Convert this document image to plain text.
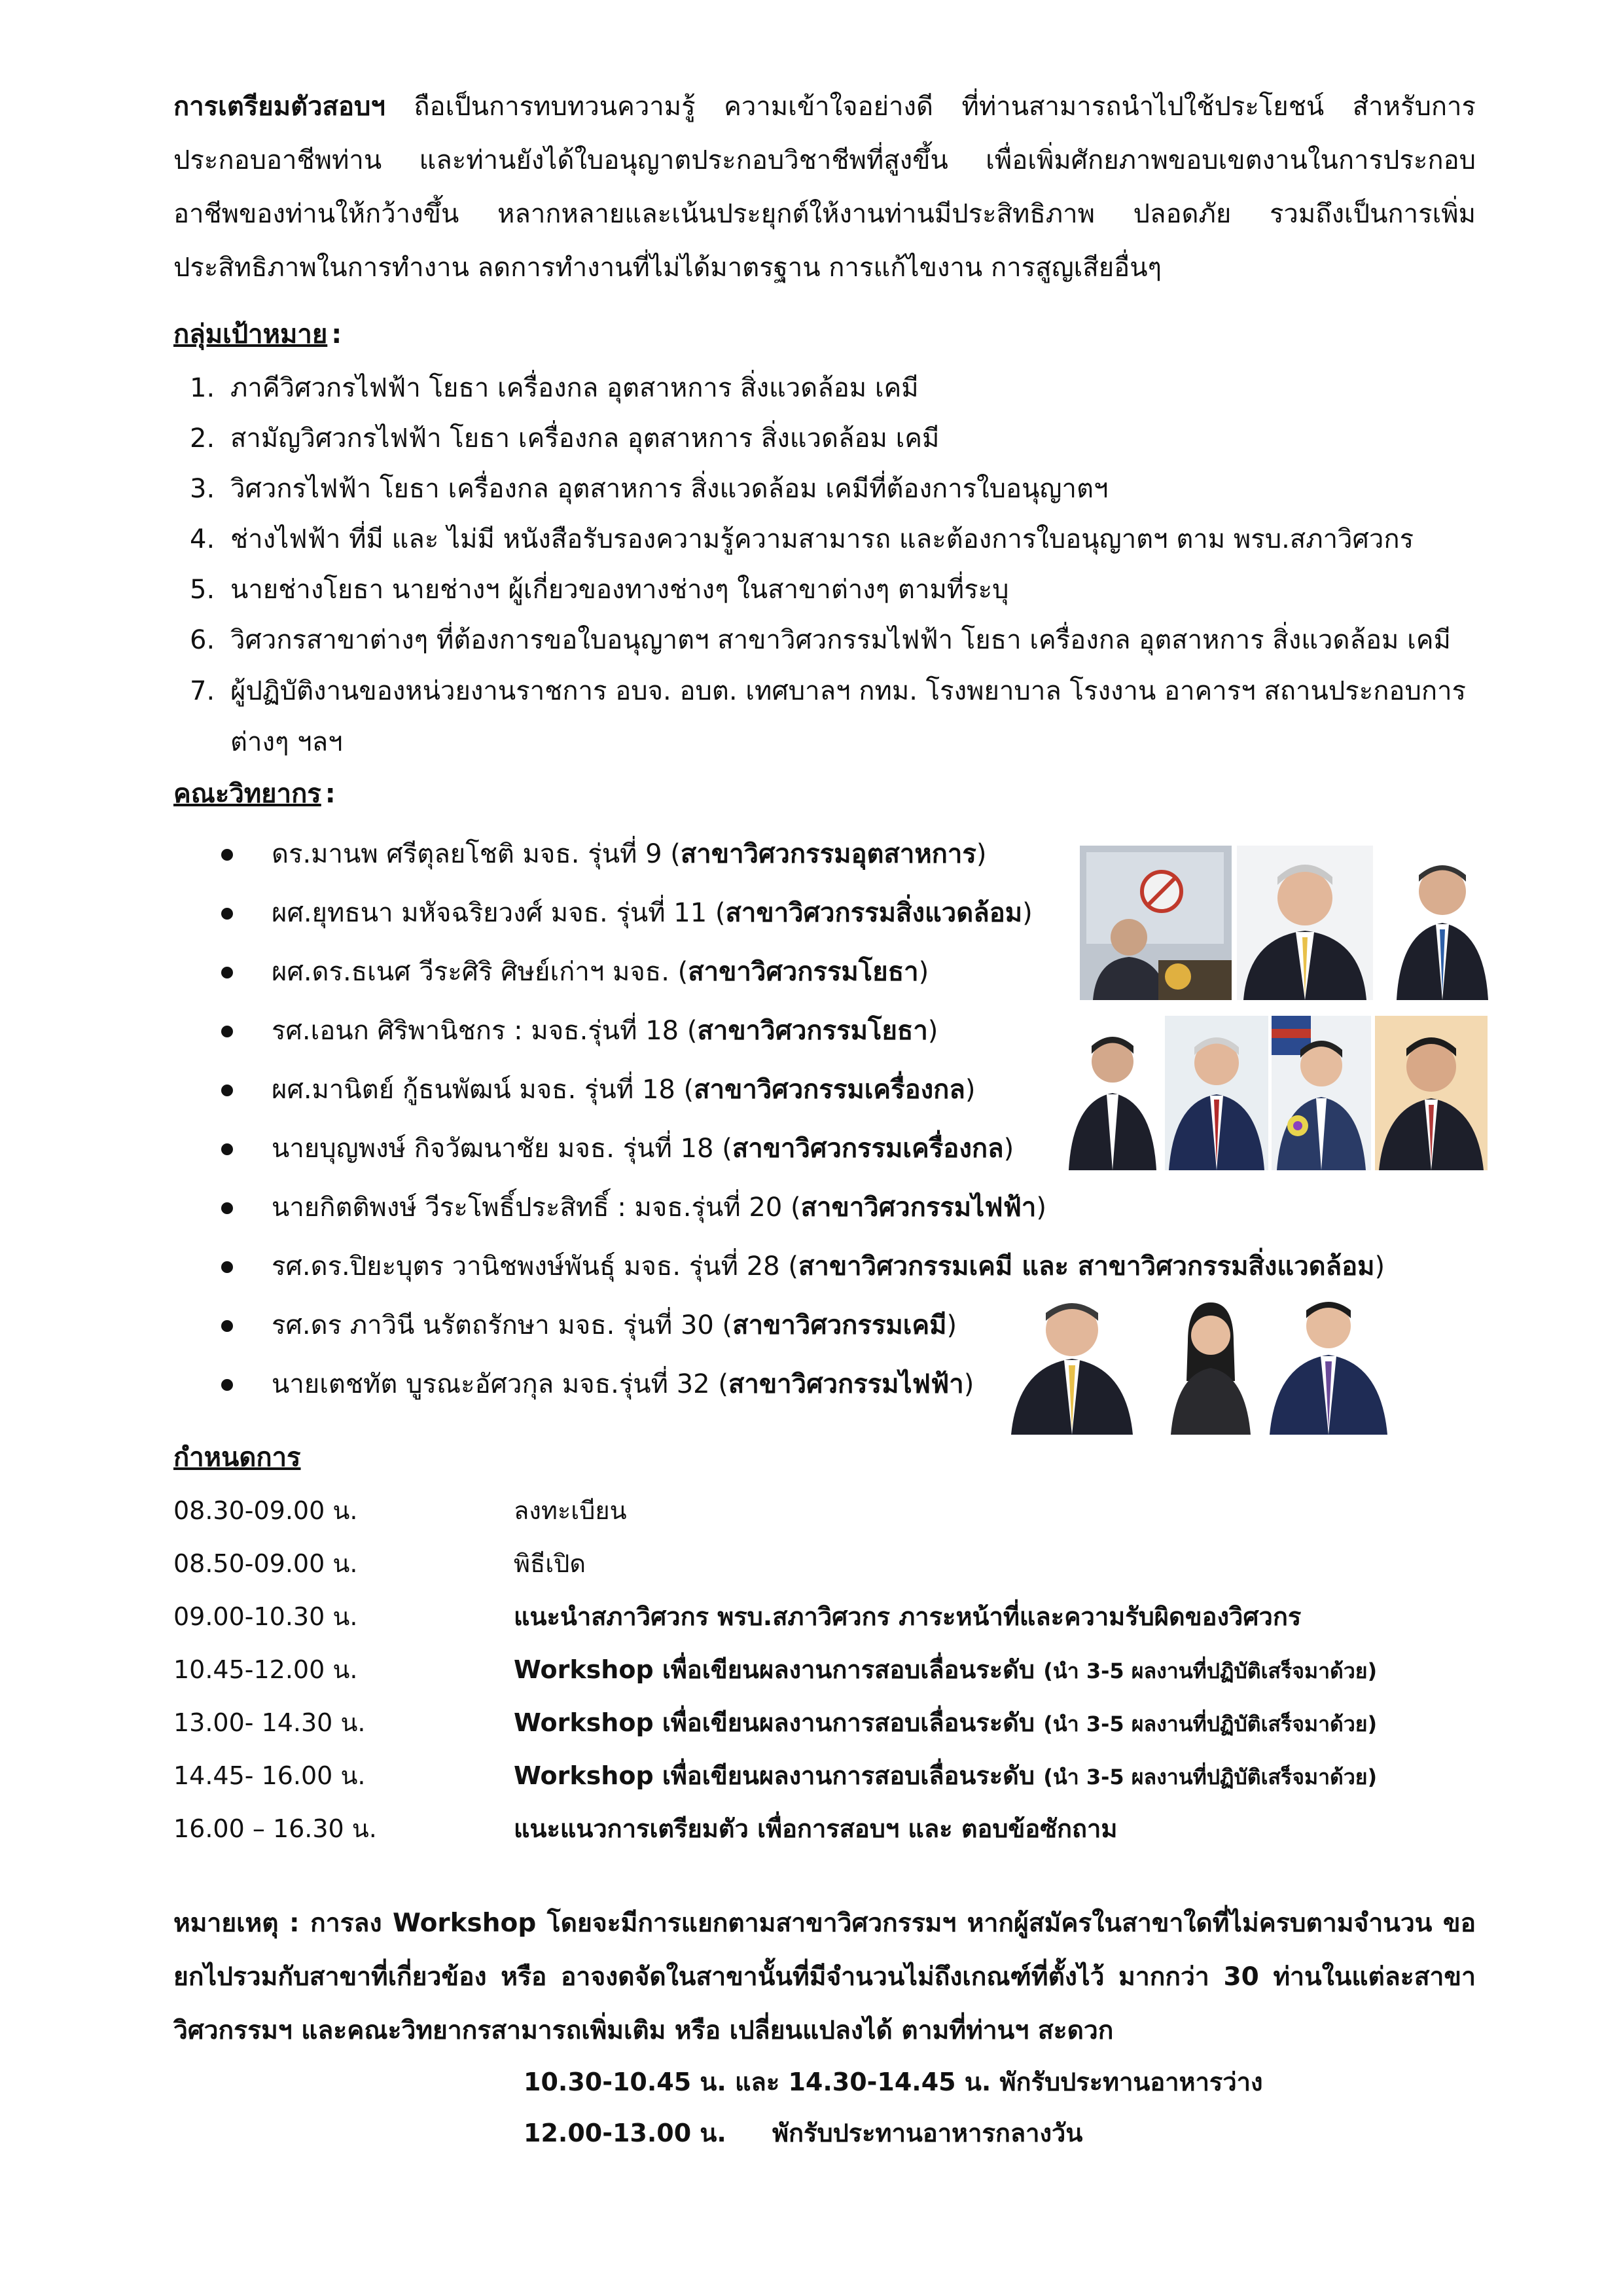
การเตรียมตัวสอบฯ ถือเป็นการทบทวนความรู้ ความเข้าใจอย่างดี ที่ท่านสามารถนำไปใช้ประโยชน์ สำหรับการประกอบอาชีพท่าน และท่านยังได้ใบอนุญาตประกอบวิชาชีพที่สูงขึ้น เพื่อเพิ่มศักยภาพขอบเขตงานในการประกอบอาชีพของท่านให้กว้างขึ้น หลากหลายและเน้นประยุกต์ให้งานท่านมีประสิทธิภาพ ปลอดภัย รวมถึงเป็นการเพิ่มประสิทธิภาพในการทำงาน ลดการทำงานที่ไม่ได้มาตรฐาน การแก้ไขงาน การสูญเสียอื่นๆ
กลุ่มเป้าหมาย :
1. ภาคีวิศวกรไฟฟ้า โยธา เครื่องกล อุตสาหการ สิ่งแวดล้อม เคมี
2. สามัญวิศวกรไฟฟ้า โยธา เครื่องกล อุตสาหการ สิ่งแวดล้อม เคมี
3. วิศวกรไฟฟ้า โยธา เครื่องกล อุตสาหการ สิ่งแวดล้อม เคมีที่ต้องการใบอนุญาตฯ
4. ช่างไฟฟ้า ที่มี และ ไม่มี หนังสือรับรองความรู้ความสามารถ และต้องการใบอนุญาตฯ ตาม พรบ.สภาวิศวกร
5. นายช่างโยธา นายช่างฯ ผู้เกี่ยวของทางช่างๆ ในสาขาต่างๆ ตามที่ระบุ
6. วิศวกรสาขาต่างๆ ที่ต้องการขอใบอนุญาตฯ สาขาวิศวกรรมไฟฟ้า โยธา เครื่องกล อุตสาหการ สิ่งแวดล้อม เคมี
7. ผู้ปฏิบัติงานของหน่วยงานราชการ อบจ. อบต. เทศบาลฯ กทม. โรงพยาบาล โรงงาน อาคารฯ สถานประกอบการต่างๆ ฯลฯ
คณะวิทยากร :
ดร.มานพ ศรีตุลยโชติ มจธ. รุ่นที่ 9 (สาขาวิศวกรรมอุตสาหการ)
ผศ.ยุทธนา มหัจฉริยวงศ์ มจธ. รุ่นที่ 11 (สาขาวิศวกรรมสิ่งแวดล้อม)
ผศ.ดร.ธเนศ วีระศิริ ศิษย์เก่าฯ มจธ. (สาขาวิศวกรรมโยธา)
รศ.เอนก ศิริพานิชกร : มจธ.รุ่นที่ 18 (สาขาวิศวกรรมโยธา)
ผศ.มานิตย์ กู้ธนพัฒน์ มจธ. รุ่นที่ 18 (สาขาวิศวกรรมเครื่องกล)
นายบุญพงษ์ กิจวัฒนาชัย มจธ. รุ่นที่ 18 (สาขาวิศวกรรมเครื่องกล)
นายกิตติพงษ์ วีระโพธิ์ประสิทธิ์ : มจธ.รุ่นที่ 20 (สาขาวิศวกรรมไฟฟ้า)
รศ.ดร.ปิยะบุตร วานิชพงษ์พันธุ์ มจธ. รุ่นที่ 28 (สาขาวิศวกรรมเคมี และ สาขาวิศวกรรมสิ่งแวดล้อม)
รศ.ดร ภาวินี นรัตถรักษา มจธ. รุ่นที่ 30 (สาขาวิศวกรรมเคมี)
นายเตชทัต บูรณะอัศวกุล มจธ.รุ่นที่ 32 (สาขาวิศวกรรมไฟฟ้า)
กำหนดการ
08.30-09.00 น.	ลงทะเบียน
08.50-09.00 น.	พิธีเปิด
09.00-10.30 น.	แนะนำสภาวิศวกร พรบ.สภาวิศวกร ภาระหน้าที่และความรับผิดของวิศวกร
10.45-12.00 น.	Workshop เพื่อเขียนผลงานการสอบเลื่อนระดับ (นำ 3-5 ผลงานที่ปฏิบัติเสร็จมาด้วย)
13.00- 14.30 น.	Workshop เพื่อเขียนผลงานการสอบเลื่อนระดับ (นำ 3-5 ผลงานที่ปฏิบัติเสร็จมาด้วย)
14.45- 16.00 น.	Workshop เพื่อเขียนผลงานการสอบเลื่อนระดับ (นำ 3-5 ผลงานที่ปฏิบัติเสร็จมาด้วย)
16.00 – 16.30 น.	แนะแนวการเตรียมตัว เพื่อการสอบฯ และ ตอบข้อซักถาม
หมายเหตุ : การลง Workshop โดยจะมีการแยกตามสาขาวิศวกรรมฯ หากผู้สมัครในสาขาใดที่ไม่ครบตามจำนวน ขอยกไปรวมกับสาขาที่เกี่ยวข้อง หรือ อาจงดจัดในสาขานั้นที่มีจำนวนไม่ถึงเกณฑ์ที่ตั้งไว้ มากกว่า 30 ท่านในแต่ละสาขาวิศวกรรมฯ และคณะวิทยากรสามารถเพิ่มเติม หรือ เปลี่ยนแปลงได้ ตามที่ท่านฯ สะดวก
10.30-10.45 น. และ 14.30-14.45 น. พักรับประทานอาหารว่าง
12.00-13.00 น. พักรับประทานอาหารกลางวัน
